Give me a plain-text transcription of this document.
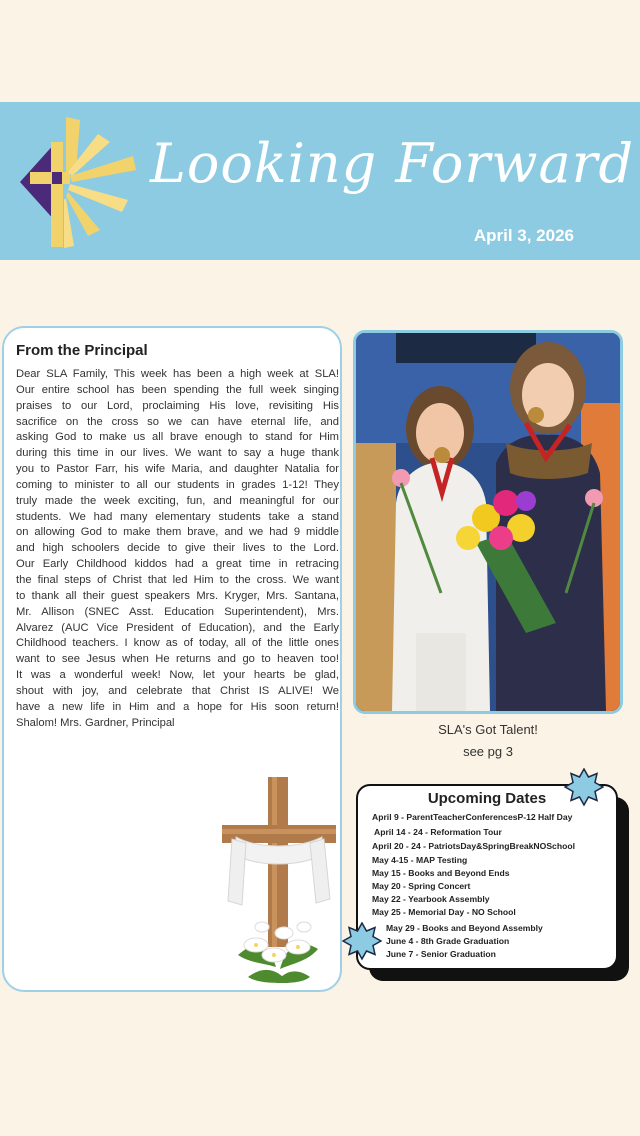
Looking Forward
April 3, 2026
From the Principal
Dear SLA Family, This week has been a high week at SLA!
Our entire school has been spending the full week singing
praises to our Lord, proclaiming His love, revisiting His
sacrifice on the cross so we can have eternal life, and
asking God to make us all brave enough to stand for Him
during this time in our lives. We want to say a huge thank
you to Pastor Farr, his wife Maria, and daughter Natalia for
coming to minister to all our students in grades 1-12! They
truly made the week exciting, fun, and meaningful for our
students. We had many elementary students take a stand
on allowing God to make them brave, and we had 9 middle
and high schoolers decide to give their lives to the Lord.
Our Early Childhood kiddos had a great time in retracing
the final steps of Christ that led Him to the cross. We want
to thank all their guest speakers Mrs. Kryger, Mrs. Santana,
Mr. Allison (SNEC Asst. Education Superintendent), Mrs.
Alvarez (AUC Vice President of Education), and the Early
Childhood teachers. I know as of today, all of the little ones
want to see Jesus when He returns and go to heaven too!
It was a wonderful week! Now, let your hearts be glad,
shout with joy, and celebrate that Christ IS ALIVE! We
have a new life in Him and a hope for His soon return!
Shalom! Mrs. Gardner, Principal	SLA's Got Talent!
see pg 3
Upcoming Dates
April 9 - ParentTeacherConferencesP-12 Half Day
April 14 - 24 - Reformation Tour
April 20 - 24 - PatriotsDay&SpringBreakNOSchool
May 4-15 - MAP Testing
May 15 - Books and Beyond Ends
May 20 - Spring Concert
May 22 - Yearbook Assembly
May 25 - Memorial Day - NO School
May 29 - Books and Beyond Assembly
June 4 - 8th Grade Graduation
June 7 - Senior Graduation
